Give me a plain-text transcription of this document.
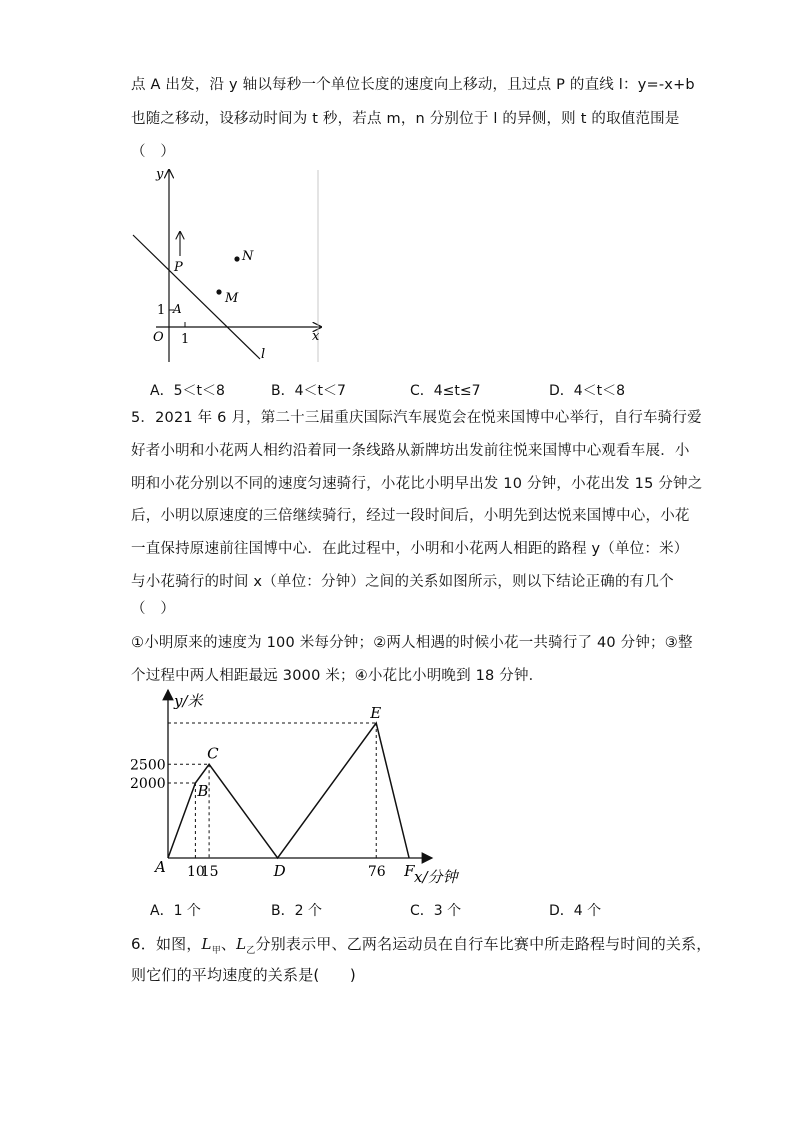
点 A 出发，沿 y 轴以每秒一个单位长度的速度向上移动，且过点 P 的直线 l：y=-x+b
也随之移动，设移动时间为 t 秒，若点 m，n 分别位于 l 的异侧，则 t 的取值范围是
（　）
y
x
O 1
1 A
P
M
N
l
A．5＜t＜8	B．4＜t＜7	C．4≤t≤7	D．4＜t＜8
5．2021 年 6 月，第二十三届重庆国际汽车展览会在悦来国博中心举行，自行车骑行爱
好者小明和小花两人相约沿着同一条线路从新牌坊出发前往悦来国博中心观看车展．小
明和小花分别以不同的速度匀速骑行，小花比小明早出发 10 分钟，小花出发 15 分钟之
后，小明以原速度的三倍继续骑行，经过一段时间后，小明先到达悦来国博中心，小花
一直保持原速前往国博中心．在此过程中，小明和小花两人相距的路程 y（单位：米）
与小花骑行的时间 x（单位：分钟）之间的关系如图所示，则以下结论正确的有几个
（　）
①小明原来的速度为 100 米每分钟；②两人相遇的时候小花一共骑行了 40 分钟；③整
个过程中两人相距最远 3000 米；④小花比小明晚到 18 分钟．
A
B
C
D
E
F
10
15	76
2000
2500
y/米
x/分钟
A．1 个	B．2 个	C．3 个	D．4 个
6．如图，$L_甲$、$L_乙$分别表示甲、乙两名运动员在自行车比赛中所走路程与时间的关系，
则它们的平均速度的关系是(　　)
